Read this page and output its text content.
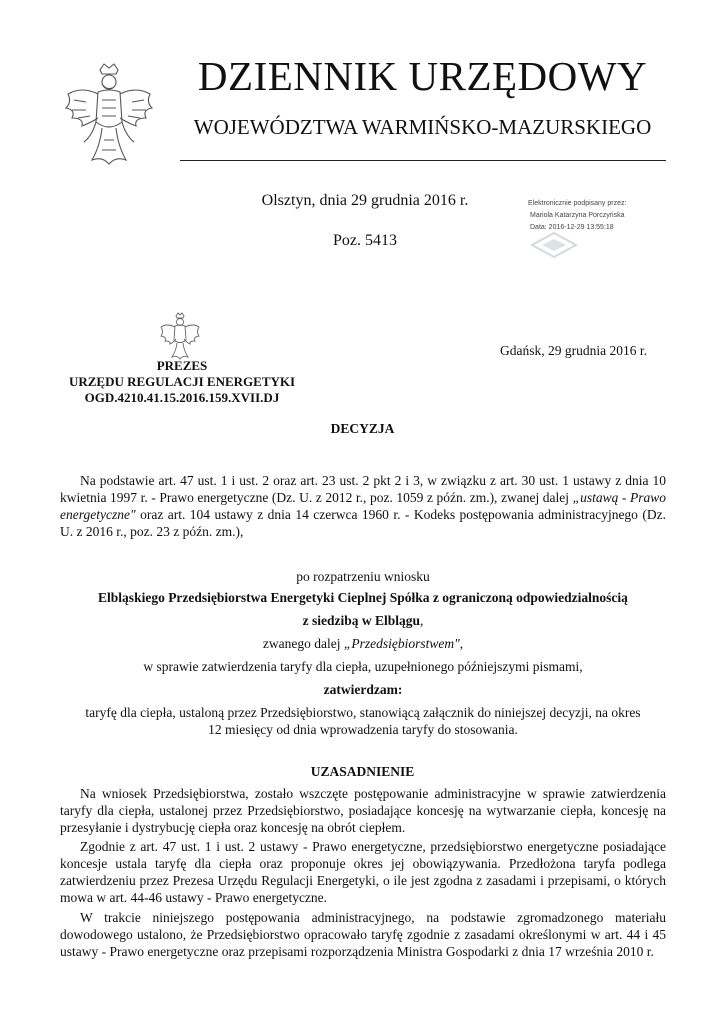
DZIENNIK URZĘDOWY
WOJEWÓDZTWA WARMIŃSKO-MAZURSKIEGO
Olsztyn, dnia 29 grudnia 2016 r.
Poz. 5413
Elektronicznie podpisany przez:
Mariola Katarzyna Porczyńska
Data: 2016-12-29 13:55:18
Gdańsk, 29 grudnia 2016 r.
PREZES
URZĘDU REGULACJI ENERGETYKI
OGD.4210.41.15.2016.159.XVII.DJ
DECYZJA
Na podstawie art. 47 ust. 1 i ust. 2 oraz art. 23 ust. 2 pkt 2 i 3, w związku z art. 30 ust. 1 ustawy z dnia 10 kwietnia 1997 r. - Prawo energetyczne (Dz. U. z 2012 r., poz. 1059 z późn. zm.), zwanej dalej „ustawą - Prawo energetyczne" oraz art. 104 ustawy z dnia 14 czerwca 1960 r. - Kodeks postępowania administracyjnego (Dz. U. z 2016 r., poz. 23 z późn. zm.),
po rozpatrzeniu wniosku
Elbląskiego Przedsiębiorstwa Energetyki Cieplnej Spółka z ograniczoną odpowiedzialnością
z siedzibą w Elblągu,
zwanego dalej „Przedsiębiorstwem",
w sprawie zatwierdzenia taryfy dla ciepła, uzupełnionego późniejszymi pismami,
zatwierdzam:
taryfę dla ciepła, ustaloną przez Przedsiębiorstwo, stanowiącą załącznik do niniejszej decyzji, na okres
12 miesięcy od dnia wprowadzenia taryfy do stosowania.
UZASADNIENIE
Na wniosek Przedsiębiorstwa, zostało wszczęte postępowanie administracyjne w sprawie zatwierdzenia taryfy dla ciepła, ustalonej przez Przedsiębiorstwo, posiadające koncesję na wytwarzanie ciepła, koncesję na przesyłanie i dystrybucję ciepła oraz koncesję na obrót ciepłem.
Zgodnie z art. 47 ust. 1 i ust. 2 ustawy - Prawo energetyczne, przedsiębiorstwo energetyczne posiadające koncesje ustala taryfę dla ciepła oraz proponuje okres jej obowiązywania. Przedłożona taryfa podlega zatwierdzeniu przez Prezesa Urzędu Regulacji Energetyki, o ile jest zgodna z zasadami i przepisami, o których mowa w art. 44-46 ustawy - Prawo energetyczne.
W trakcie niniejszego postępowania administracyjnego, na podstawie zgromadzonego materiału dowodowego ustalono, że Przedsiębiorstwo opracowało taryfę zgodnie z zasadami określonymi w art. 44 i 45 ustawy - Prawo energetyczne oraz przepisami rozporządzenia Ministra Gospodarki z dnia 17 września 2010 r.
